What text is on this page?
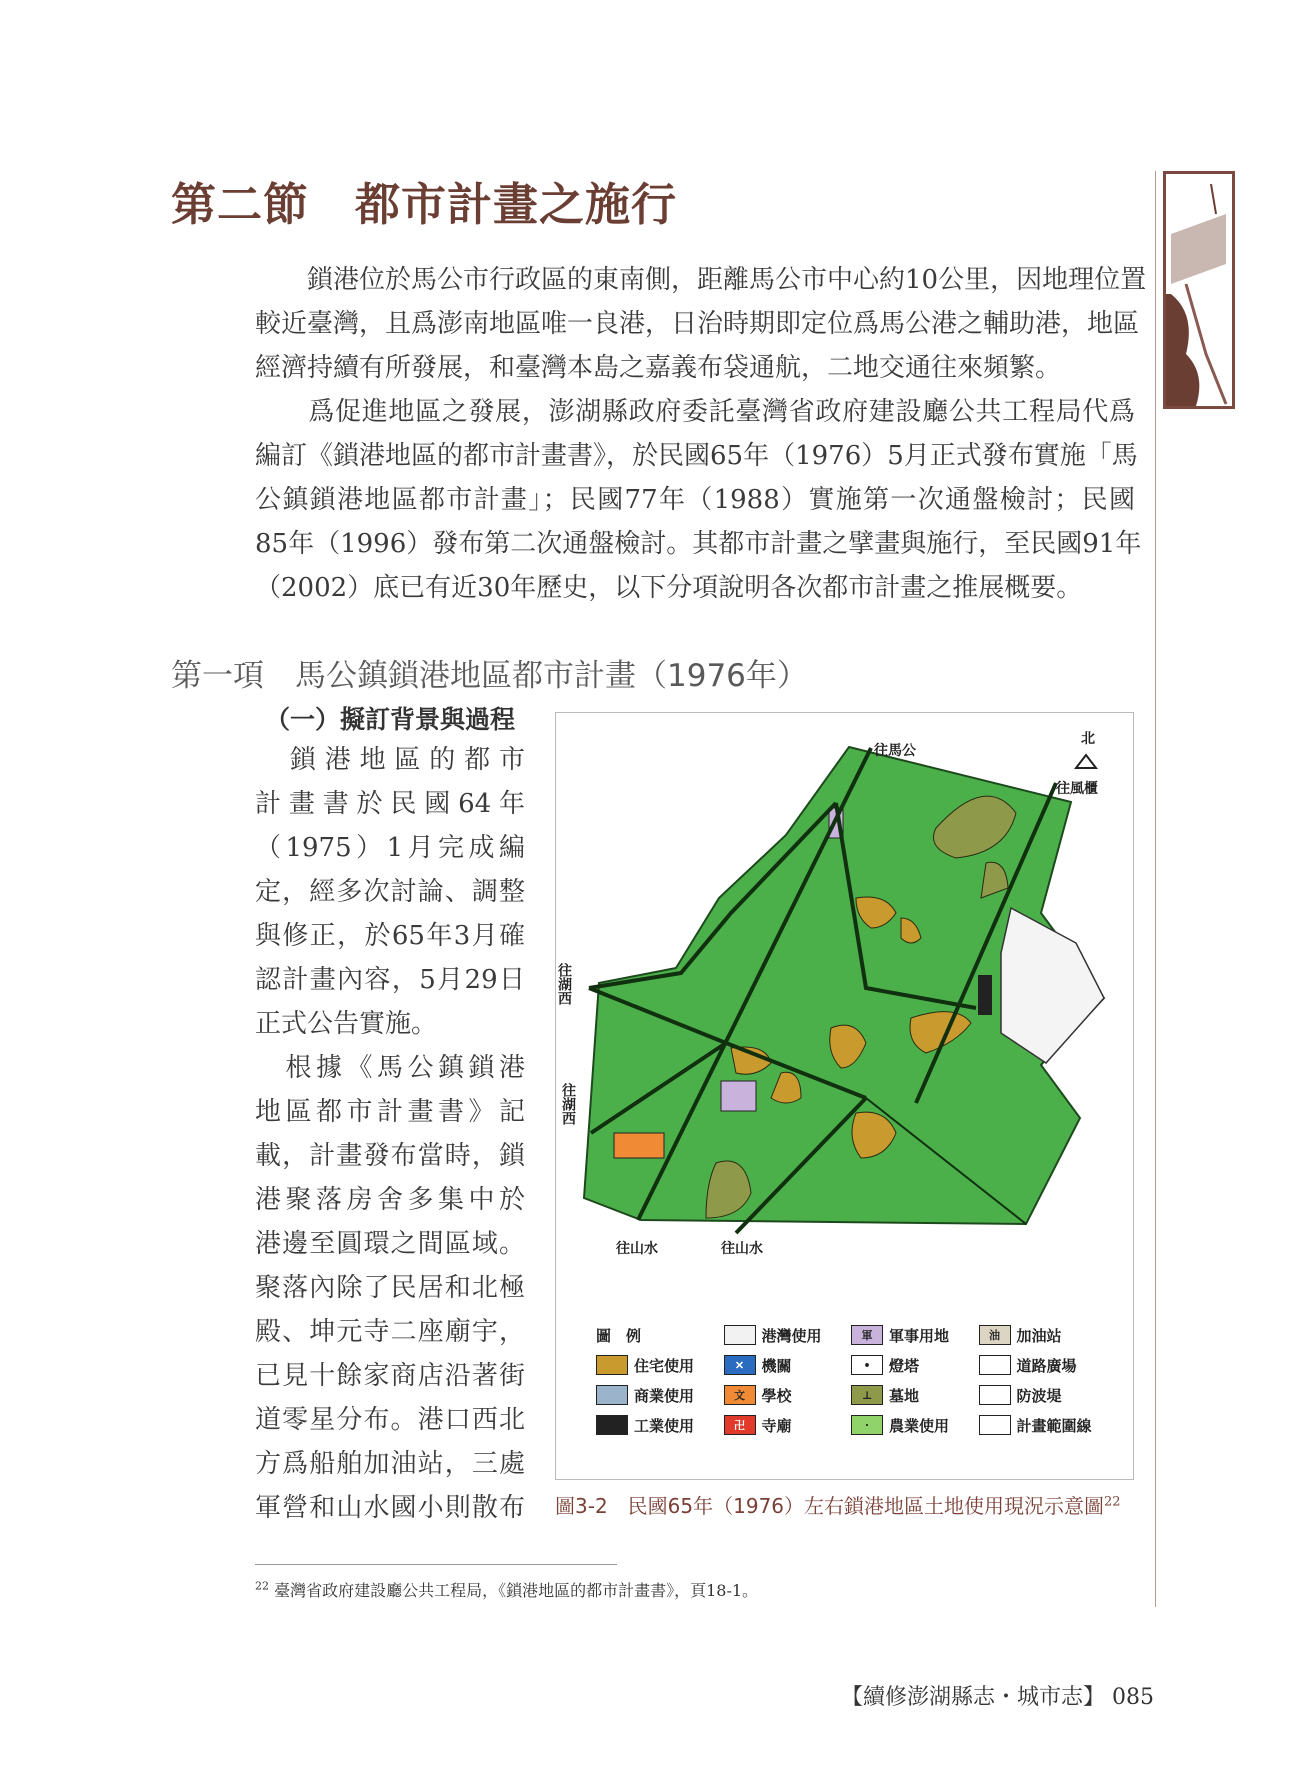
第二節　都市計畫之施行
　　鎖港位於馬公市行政區的東南側，距離馬公市中心約10公里，因地理位置
較近臺灣，且爲澎南地區唯一良港，日治時期即定位爲馬公港之輔助港，地區
經濟持續有所發展，和臺灣本島之嘉義布袋通航，二地交通往來頻繁。
　　爲促進地區之發展，澎湖縣政府委託臺灣省政府建設廳公共工程局代爲
編訂《鎖港地區的都市計畫書》，於民國65年（1976）5月正式發布實施「馬
公鎮鎖港地區都市計畫」；民國77年（1988）實施第一次通盤檢討；民國
85年（1996）發布第二次通盤檢討。其都市計畫之擘畫與施行，至民國91年
（2002）底已有近30年歷史，以下分項說明各次都市計畫之推展概要。
第一項　馬公鎮鎖港地區都市計畫（1976年）
（一）擬訂背景與過程
　鎖港地區的都市
計畫書於民國64年
（1975）1月完成編
定，經多次討論、調整
與修正，於65年3月確
認計畫內容，5月29日
正式公告實施。
　根據《馬公鎮鎖港
地區都市計畫書》記
載，計畫發布當時，鎖
港聚落房舍多集中於
港邊至圓環之間區域。
聚落內除了民居和北極
殿、坤元寺二座廟宇，
已見十餘家商店沿著街
道零星分布。港口西北
方爲船舶加油站，三處
軍營和山水國小則散布
往馬公
北
往風櫃
往湖西
往湖西
往山水	往山水
圖　例	港灣使用	軍	軍事用地	油	加油站
住宅使用	✕	機關	•	燈塔	道路廣場
商業使用	文	學校	⊥	墓地	防波堤
工業使用	卍	寺廟	·	農業使用	計畫範圍線
圖3-2　民國65年（1976）左右鎖港地區土地使用現況示意圖$^{22}$
$^{22}$ 臺灣省政府建設廳公共工程局，《鎖港地區的都市計畫書》，頁18-1。
【續修澎湖縣志・城市志】 085
